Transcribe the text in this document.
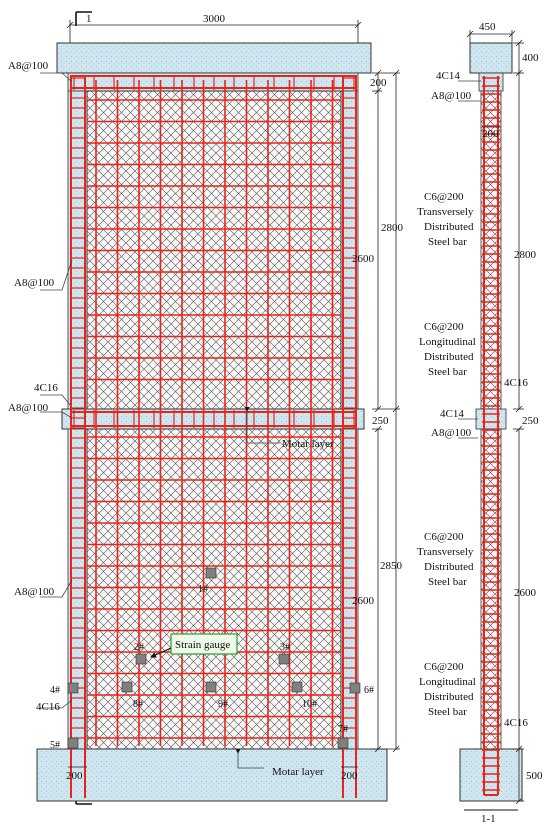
1	3000
1#
2#	3#
4#
5#
6#
7#
8#	9#	10#
A8@100
A8@100
4C16
A8@100
A8@100
4C16
200
2800
2600
250
2850
2600
200	200
Motar layer
Motar layer
Strain gauge
450
400
2800
250
2600
500
200
4C14
A8@100
C6@200
Transversely
Distributed
Steel bar
C6@200
Longitudinal
Distributed
Steel bar
4C16
4C14
A8@100
C6@200
Transversely
Distributed
Steel bar
C6@200
Longitudinal
Distributed
Steel bar
4C16
1-1
